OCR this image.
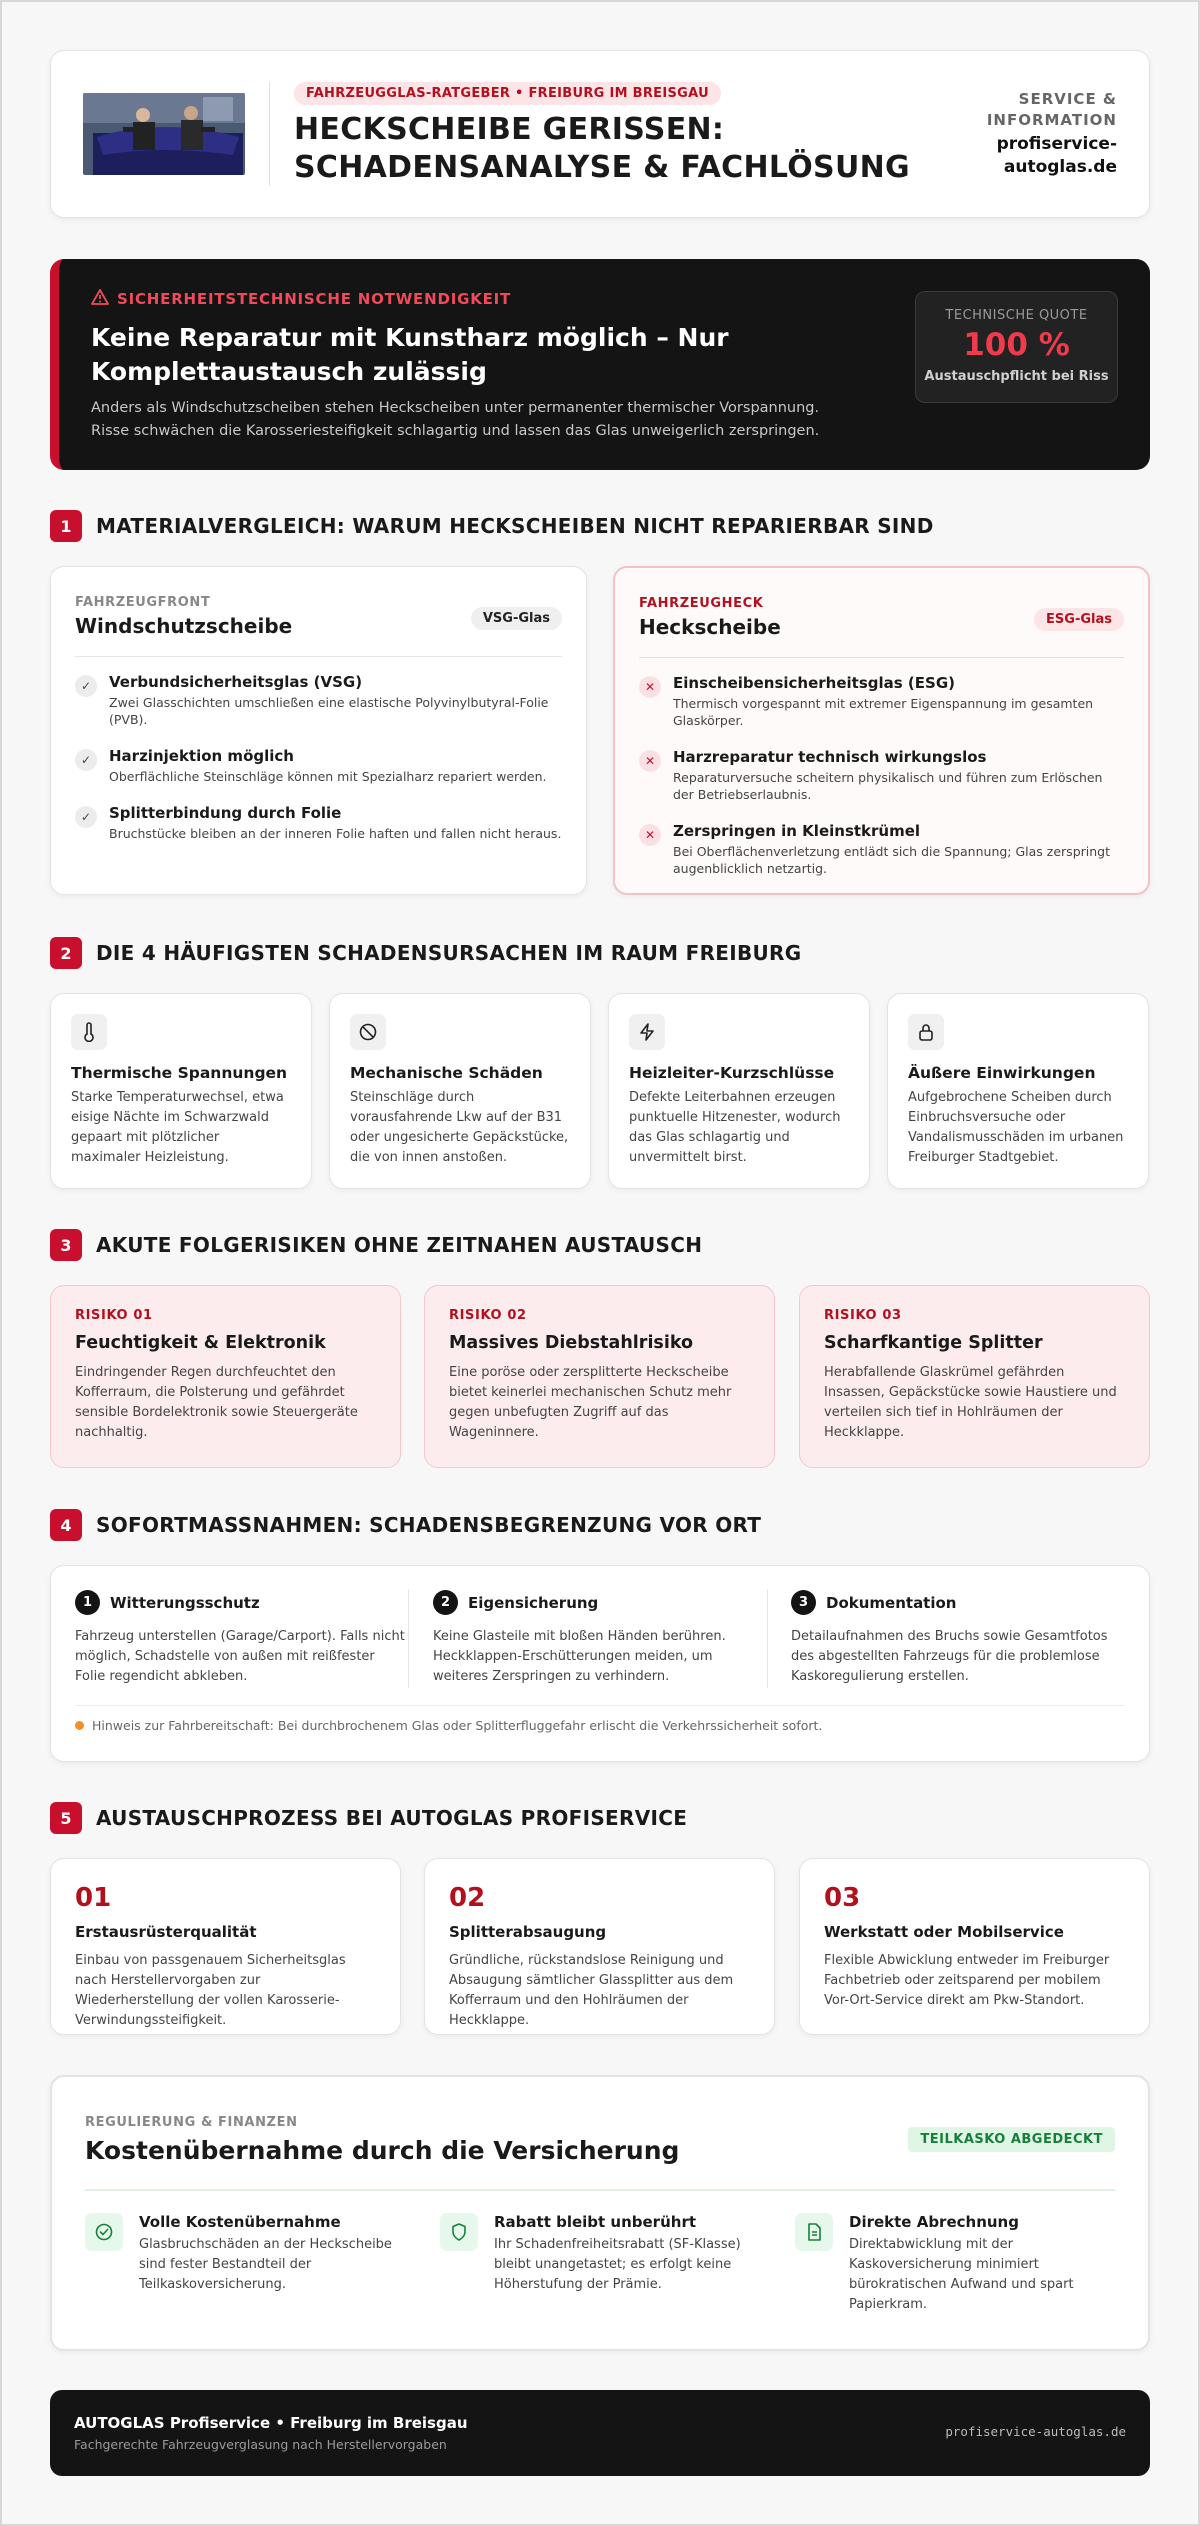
FAHRZEUGGLAS-RATGEBER • FREIBURG IM BREISGAU
HECKSCHEIBE GERISSEN:
SCHADENSANALYSE & FACHLÖSUNG
SERVICE &
INFORMATION
profiservice-
autoglas.de
SICHERHEITSTECHNISCHE NOTWENDIGKEIT
Keine Reparatur mit Kunstharz möglich – Nur Komplettaustausch zulässig
Anders als Windschutzscheiben stehen Heckscheiben unter permanenter thermischer Vorspannung. Risse schwächen die Karosseriesteifigkeit schlagartig und lassen das Glas unweigerlich zerspringen.
TECHNISCHE QUOTE
100 %
Austauschpflicht bei Riss
1	MATERIALVERGLEICH: WARUM HECKSCHEIBEN NICHT REPARIERBAR SIND
FAHRZEUGFRONT
Windschutzscheibe	VSG-Glas
✓	Verbundsicherheitsglas (VSG)
Zwei Glasschichten umschließen eine elastische Polyvinylbutyral-Folie (PVB).
✓	Harzinjektion möglich
Oberflächliche Steinschläge können mit Spezialharz repariert werden.
✓	Splitterbindung durch Folie
Bruchstücke bleiben an der inneren Folie haften und fallen nicht heraus.
FAHRZEUGHECK
Heckscheibe	ESG-Glas
✕	Einscheibensicherheitsglas (ESG)
Thermisch vorgespannt mit extremer Eigenspannung im gesamten Glaskörper.
✕	Harzreparatur technisch wirkungslos
Reparaturversuche scheitern physikalisch und führen zum Erlöschen der Betriebserlaubnis.
✕	Zerspringen in Kleinstkrümel
Bei Oberflächenverletzung entlädt sich die Spannung; Glas zerspringt augenblicklich netzartig.
2	DIE 4 HÄUFIGSTEN SCHADENSURSACHEN IM RAUM FREIBURG
Thermische Spannungen
Starke Temperaturwechsel, etwa eisige Nächte im Schwarzwald gepaart mit plötzlicher maximaler Heizleistung.
Mechanische Schäden
Steinschläge durch vorausfahrende Lkw auf der B31 oder ungesicherte Gepäckstücke, die von innen anstoßen.
Heizleiter-Kurzschlüsse
Defekte Leiterbahnen erzeugen punktuelle Hitzenester, wodurch das Glas schlagartig und unvermittelt birst.
Äußere Einwirkungen
Aufgebrochene Scheiben durch Einbruchsversuche oder Vandalismusschäden im urbanen Freiburger Stadtgebiet.
3	AKUTE FOLGERISIKEN OHNE ZEITNAHEN AUSTAUSCH
RISIKO 01
Feuchtigkeit & Elektronik
Eindringender Regen durchfeuchtet den Kofferraum, die Polsterung und gefährdet sensible Bordelektronik sowie Steuergeräte nachhaltig.
RISIKO 02
Massives Diebstahlrisiko
Eine poröse oder zersplitterte Heckscheibe bietet keinerlei mechanischen Schutz mehr gegen unbefugten Zugriff auf das Wageninnere.
RISIKO 03
Scharfkantige Splitter
Herabfallende Glaskrümel gefährden Insassen, Gepäckstücke sowie Haustiere und verteilen sich tief in Hohlräumen der Heckklappe.
4	SOFORTMASSNAHMEN: SCHADENSBEGRENZUNG VOR ORT
1	Witterungsschutz
Fahrzeug unterstellen (Garage/Carport). Falls nicht möglich, Schadstelle von außen mit reißfester Folie regendicht abkleben.
2	Eigensicherung
Keine Glasteile mit bloßen Händen berühren. Heckklappen-Erschütterungen meiden, um weiteres Zerspringen zu verhindern.
3	Dokumentation
Detailaufnahmen des Bruchs sowie Gesamtfotos des abgestellten Fahrzeugs für die problemlose Kaskoregulierung erstellen.
Hinweis zur Fahrbereitschaft: Bei durchbrochenem Glas oder Splitterfluggefahr erlischt die Verkehrssicherheit sofort.
5	AUSTAUSCHPROZESS BEI AUTOGLAS PROFISERVICE
01
Erstausrüsterqualität
Einbau von passgenauem Sicherheitsglas nach Herstellervorgaben zur Wiederherstellung der vollen Karosserie-Verwindungssteifigkeit.
02
Splitterabsaugung
Gründliche, rückstandslose Reinigung und Absaugung sämtlicher Glassplitter aus dem Kofferraum und den Hohlräumen der Heckklappe.
03
Werkstatt oder Mobilservice
Flexible Abwicklung entweder im Freiburger Fachbetrieb oder zeitsparend per mobilem Vor-Ort-Service direkt am Pkw-Standort.
REGULIERUNG & FINANZEN
Kostenübernahme durch die Versicherung	TEILKASKO ABGEDECKT
Volle Kostenübernahme
Glasbruchschäden an der Heckscheibe sind fester Bestandteil der Teilkaskoversicherung.
Rabatt bleibt unberührt
Ihr Schadenfreiheitsrabatt (SF-Klasse) bleibt unangetastet; es erfolgt keine Höherstufung der Prämie.
Direkte Abrechnung
Direktabwicklung mit der Kaskoversicherung minimiert bürokratischen Aufwand und spart Papierkram.
AUTOGLAS Profiservice • Freiburg im Breisgau
Fachgerechte Fahrzeugverglasung nach Herstellervorgaben
profiservice-autoglas.de
